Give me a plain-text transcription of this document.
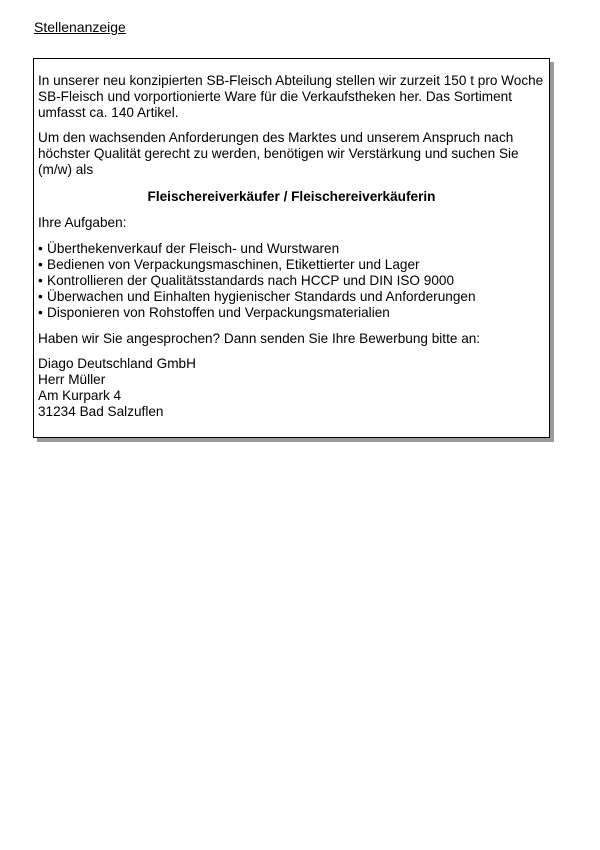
Stellenanzeige

In unserer neu konzipierten SB-Fleisch Abteilung stellen wir zurzeit 150 t pro Woche SB-Fleisch und vorportionierte Ware für die Verkaufstheken her. Das Sortiment umfasst ca. 140 Artikel.

Um den wachsenden Anforderungen des Marktes und unserem Anspruch nach höchster Qualität gerecht zu werden, benötigen wir Verstärkung und suchen Sie (m/w) als

Fleischereiverkäufer / Fleischereiverkäuferin

Ihre Aufgaben:

• Überthekenverkauf der Fleisch- und Wurstwaren
• Bedienen von Verpackungsmaschinen, Etikettierter und Lager
• Kontrollieren der Qualitätsstandards nach HCCP und DIN ISO 9000
• Überwachen und Einhalten hygienischer Standards und Anforderungen
• Disponieren von Rohstoffen und Verpackungsmaterialien

Haben wir Sie angesprochen? Dann senden Sie Ihre Bewerbung bitte an:

Diago Deutschland GmbH
Herr Müller
Am Kurpark 4
31234 Bad Salzuflen
